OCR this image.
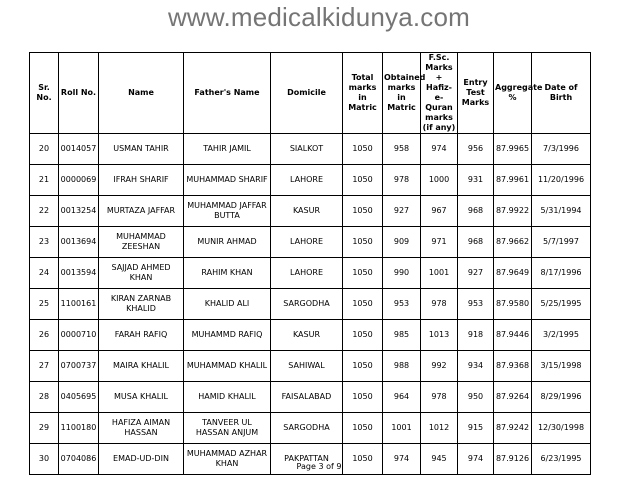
www.medicalkidunya.com
Sr. No.	Roll No.	Name	Father's Name	Domicile	Total marks in Matric	Obtained marks in Matric	F.Sc. Marks + Hafiz-e-Quran marks (if any)	Entry Test Marks	Aggregate %	Date of Birth
20	0014057	USMAN TAHIR	TAHIR JAMIL	SIALKOT	1050	958	974	956	87.9965	7/3/1996
21	0000069	IFRAH SHARIF	MUHAMMAD SHARIF	LAHORE	1050	978	1000	931	87.9961	11/20/1996
22	0013254	MURTAZA JAFFAR	MUHAMMAD JAFFAR BUTTA	KASUR	1050	927	967	968	87.9922	5/31/1994
23	0013694	MUHAMMAD ZEESHAN	MUNIR AHMAD	LAHORE	1050	909	971	968	87.9662	5/7/1997
24	0013594	SAJJAD AHMED KHAN	RAHIM KHAN	LAHORE	1050	990	1001	927	87.9649	8/17/1996
25	1100161	KIRAN ZARNAB KHALID	KHALID ALI	SARGODHA	1050	953	978	953	87.9580	5/25/1995
26	0000710	FARAH RAFIQ	MUHAMMD RAFIQ	KASUR	1050	985	1013	918	87.9446	3/2/1995
27	0700737	MAIRA KHALIL	MUHAMMAD KHALIL	SAHIWAL	1050	988	992	934	87.9368	3/15/1998
28	0405695	MUSA KHALIL	HAMID KHALIL	FAISALABAD	1050	964	978	950	87.9264	8/29/1996
29	1100180	HAFIZA AIMAN HASSAN	TANVEER UL HASSAN ANJUM	SARGODHA	1050	1001	1012	915	87.9242	12/30/1998
30	0704086	EMAD-UD-DIN	MUHAMMAD AZHAR KHAN	PAKPATTAN	1050	974	945	974	87.9126	6/23/1995
Page 3 of 9
